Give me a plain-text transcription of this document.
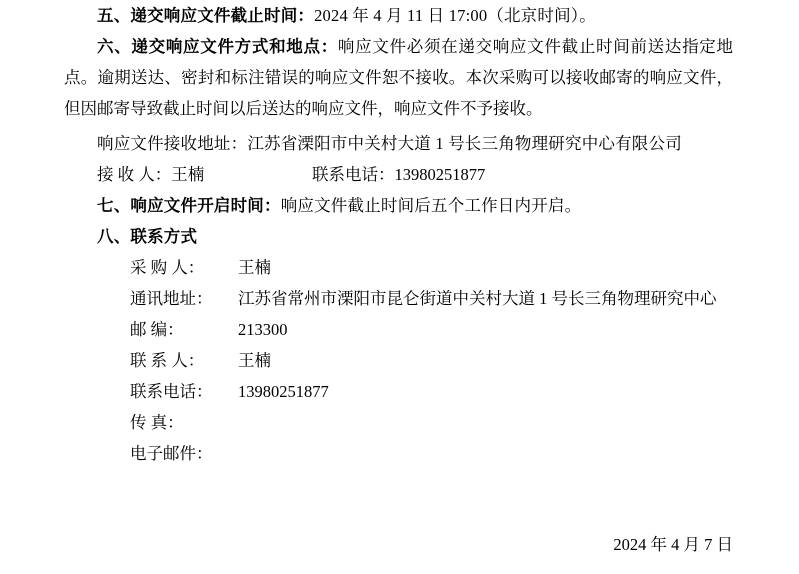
五、递交响应文件截止时间：2024 年 4 月 11 日 17:00（北京时间）。
六、递交响应文件方式和地点：响应文件必须在递交响应文件截止时间前送达指定地点。逾期送达、密封和标注错误的响应文件恕不接收。本次采购可以接收邮寄的响应文件，但因邮寄导致截止时间以后送达的响应文件，响应文件不予接收。
响应文件接收地址：江苏省溧阳市中关村大道 1 号长三角物理研究中心有限公司
接 收 人：王楠	联系电话：13980251877
七、响应文件开启时间：响应文件截止时间后五个工作日内开启。
八、联系方式
采 购 人：	王楠
通讯地址：	江苏省常州市溧阳市昆仑街道中关村大道 1 号长三角物理研究中心
邮 编：	213300
联 系 人：	王楠
联系电话：	13980251877
传 真：
电子邮件：
2024 年 4 月 7 日
